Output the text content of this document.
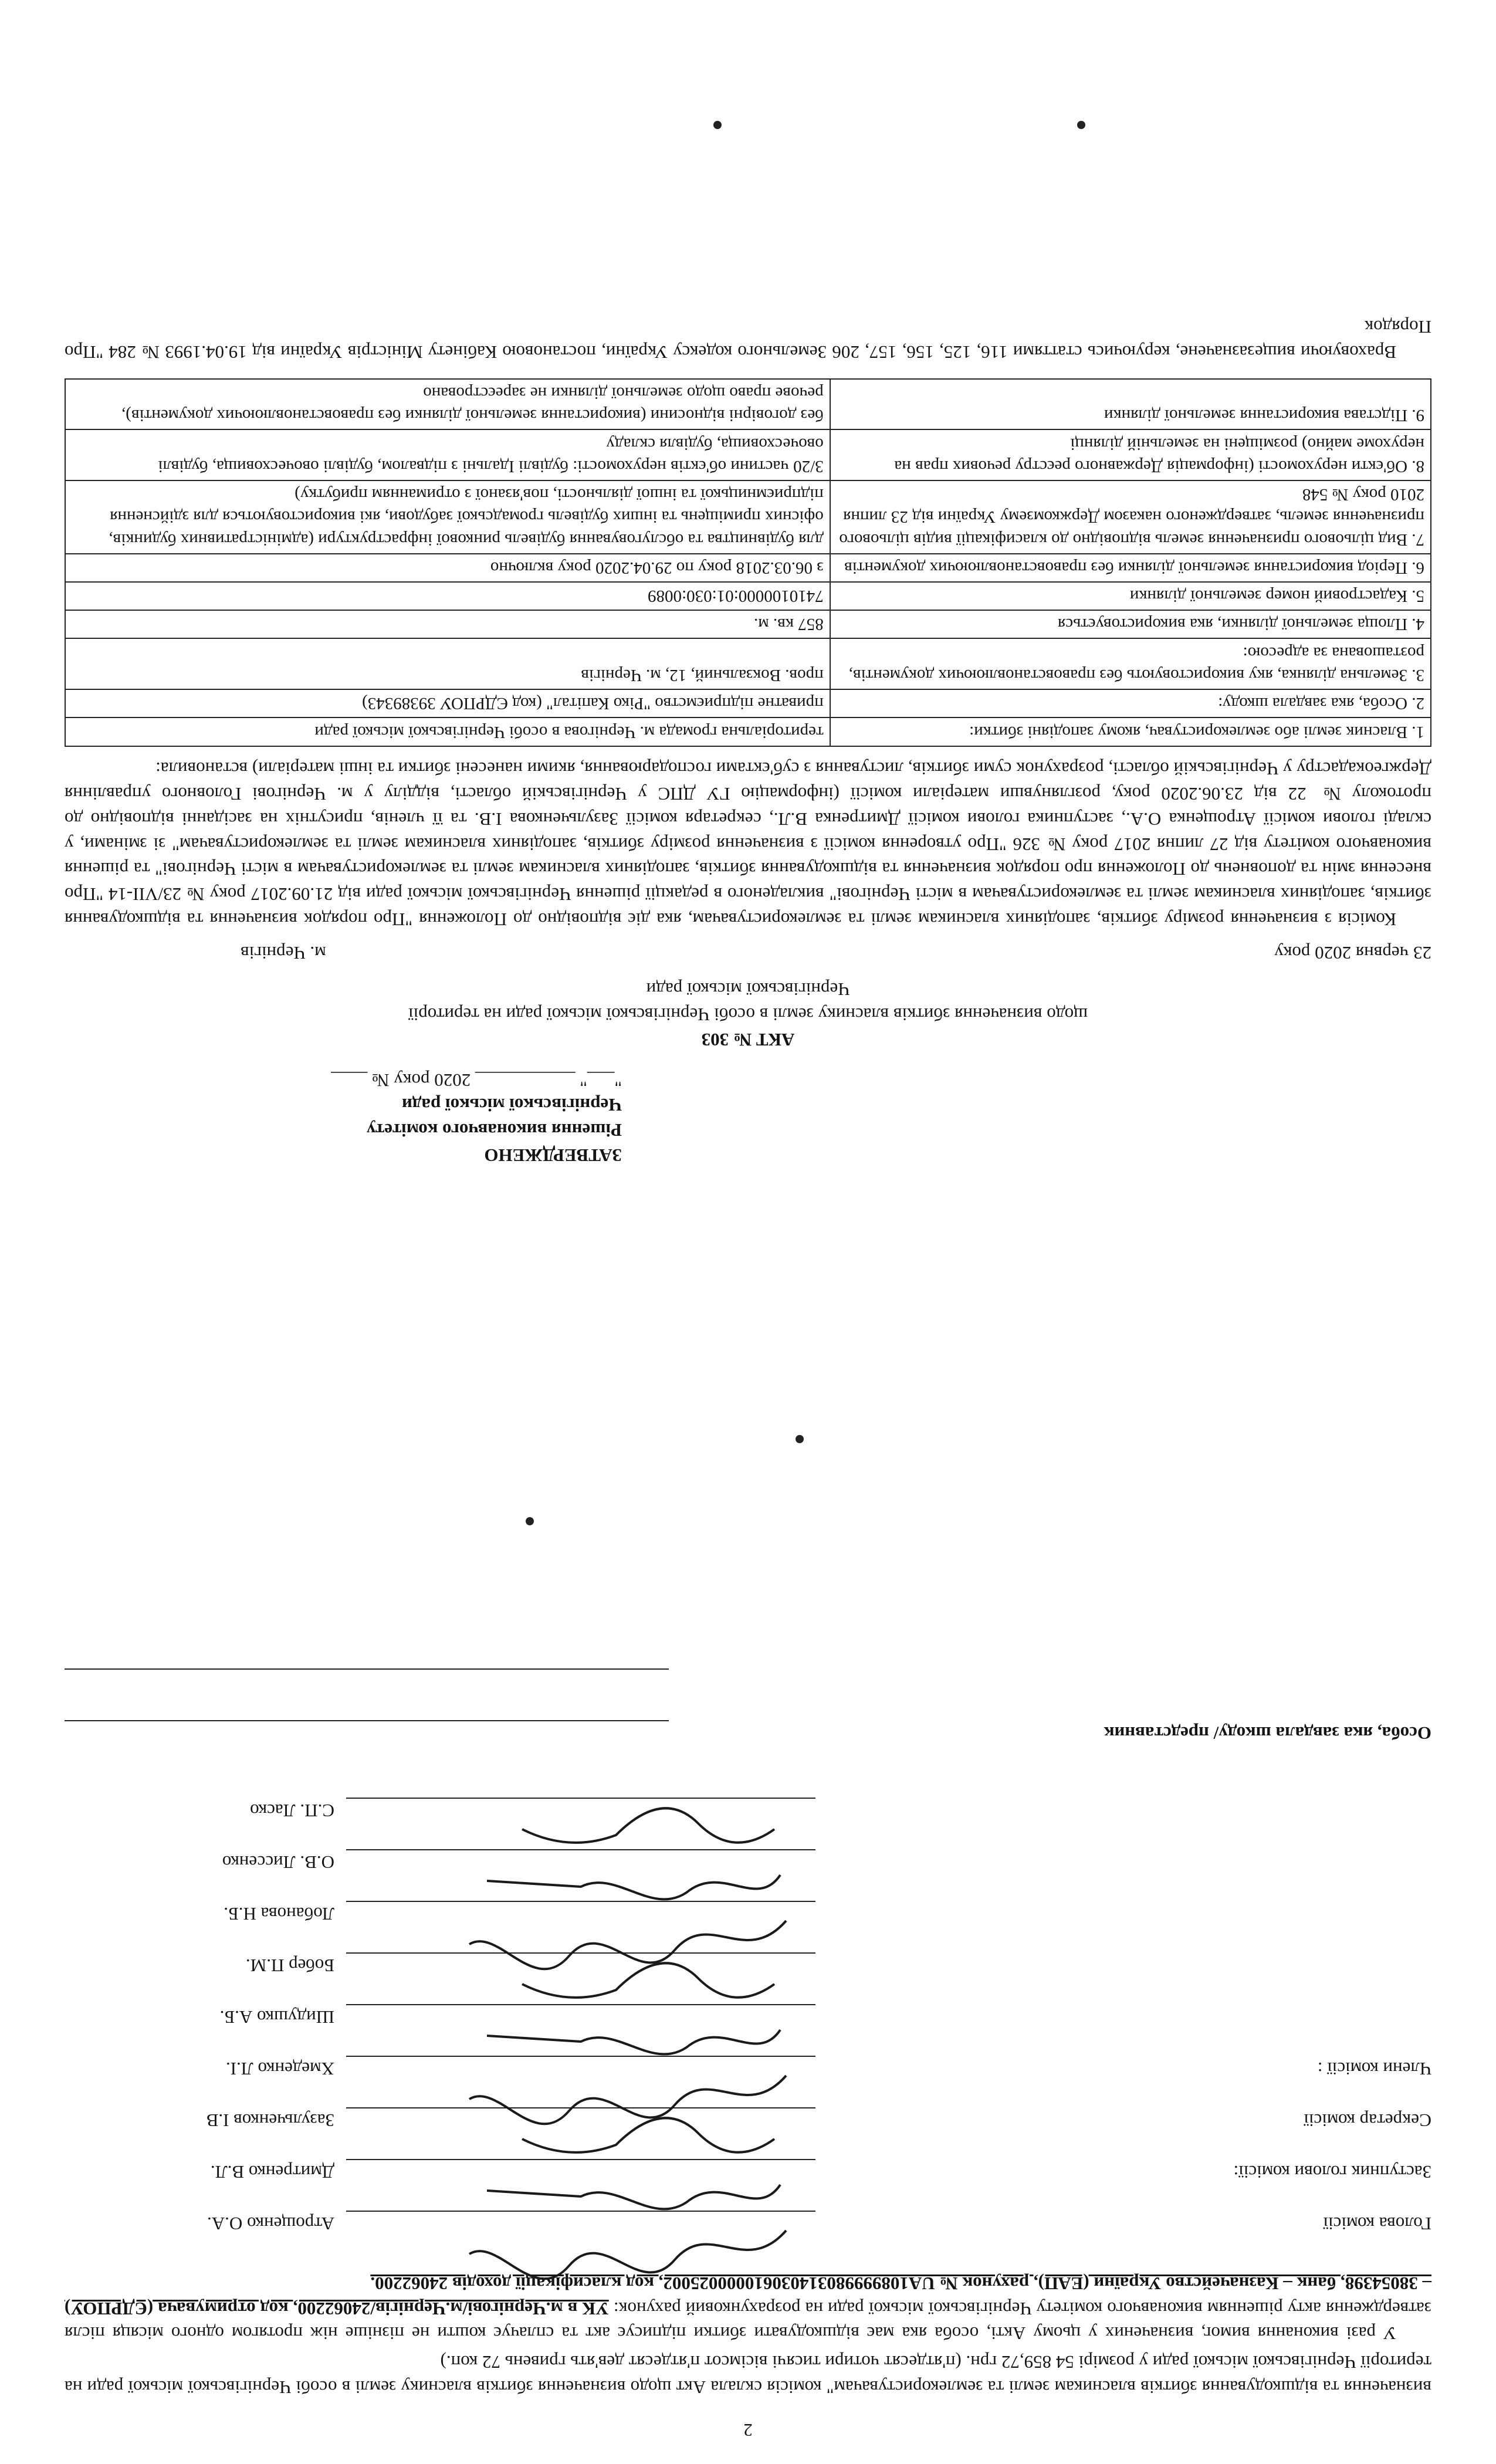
ЗАТВЕРДЖЕНО
Рішення виконавчого комітету
Чернігівської міської ради
"___" ___________ 2020 року № ____
АКТ № 303
щодо визначення збитків власнику землі в особі Чернігівської міської ради на території
Чернігівської міської ради
23 червня 2020 року
м. Чернігів

Комісія з визначення розміру збитків, заподіяних власникам землі та землекористувачам, яка діє відповідно до Положення "Про порядок визначення та відшкодування збитків, заподіяних власникам землі та землекористувачам в місті Чернігові" викладеного в редакції рішення Чернігівської міської ради від 21.09.2017 року № 23/VII-14 "Про внесення змін та доповнень до Положення про порядок визначення та відшкодування збитків, заподіяних власникам землі та землекористувачам в місті Чернігові" та рішення виконавчого комітету від 27 липня 2017 року № 326 "Про утворення комісії з визначення розміру збитків, заподіяних власникам землі та землекористувачам" зі змінами, у складі голови комісії Атрощенка О.А., заступника голови комісії Дмитренка В.Л., секретаря комісії Зазульченкова І.В. та її членів, присутніх на засіданні відповідно до протоколу № 22 від 23.06.2020 року, розглянувши матеріали комісії (інформацію ГУ ДПС у Чернігівській області, відділу у м. Чернігові Головного управління Держгеокадастру у Чернігівській області, розрахунок суми збитків, листування з суб'єктами господарювання, якими нанесені збитки та інші матеріали) встановила:

1. Власник землі або землекористувач, якому заподіяні збитки:	територіальна громада м. Чернігова в особі Чернігівської міської ради
2. Особа, яка завдала шкоду:	приватне підприємство "Ріко Капітал" (код ЄДРПОУ 39389343)
3. Земельна ділянка, яку використовують без правовстановлюючих документів, розташована за адресою:	пров. Вокзальний, 12, м. Чернігів
4. Площа земельної ділянки, яка використовується	857 кв. м.
5. Кадастровий номер земельної ділянки	7410100000:01:030:0089
6. Період використання земельної ділянки без правовстановлюючих документів	з 06.03.2018 року по 29.04.2020 року включно
7. Вид цільового призначення земель відповідно до класифікації видів цільового призначення земель, затвердженого наказом Держкомзему України від 23 липня 2010 року № 548	для будівництва та обслуговування будівель ринкової інфраструктури (адміністративних будинків, офісних приміщень та інших будівель громадської забудови, які використовуються для здійснення підприємницької та іншої діяльності, пов'язаної з отриманням прибутку)
8. Об'єкти нерухомості (інформація Державного реєстру речових прав на нерухоме майно) розміщені на земельній ділянці	3/20 частини об'єктів нерухомості: будівлі Ідальні з підвалом, будівлі овочесховища, будівлі овочесховища, будівля складу
9. Підстава використання земельної ділянки	без договірні відносини (використання земельної ділянки без правовстановлюючих документів), речове право щодо земельної ділянки не зареєстровано

Враховуючи вищезазначене, керуючись статтями 116, 125, 156, 157, 206 Земельного кодексу України, постановою Кабінету Міністрів України від 19.04.1993 № 284 "Про Порядок

2

визначення та відшкодування збитків власникам землі та землекористувачам" комісія склала Акт щодо визначення збитків власнику землі в особі Чернігівської міської ради на території Чернігівської міської ради у розмірі 54 859,72 грн. (п'ятдесят чотири тисячі вісімсот п'ятдесят дев'ять гривень 72 коп.)

У разі виконання вимог, визначених у цьому Акті, особа яка має відшкодувати збитки підписує акт та сплачує кошти не пізніше ніж протягом одного місяця після затвердження акту рішенням виконавчого комітету Чернігівської міської ради на розрахунковий рахунок: УК в м.Чернігові/м.Чернігів/24062200, код отримувача (ЄДРПОУ) – 38054398, банк – Казначейство України (ЕАП), рахунок № UA108999980314030610000025002, код класифікації доходів 24062200.

Голова комісії
Атрощенко О.А.
Заступник голови комісії:
Дмитренко В.Л.
Секретар комісії
Зазульченков І.В
Члени комісії :
Хмеденко Л.І.
Шидушко А.Б.
Бобер П.М.
Лобанова Н.Б.
О.В. Лиссенко
С.П. Ласко
Особа, яка завдала шкоду/ представник
